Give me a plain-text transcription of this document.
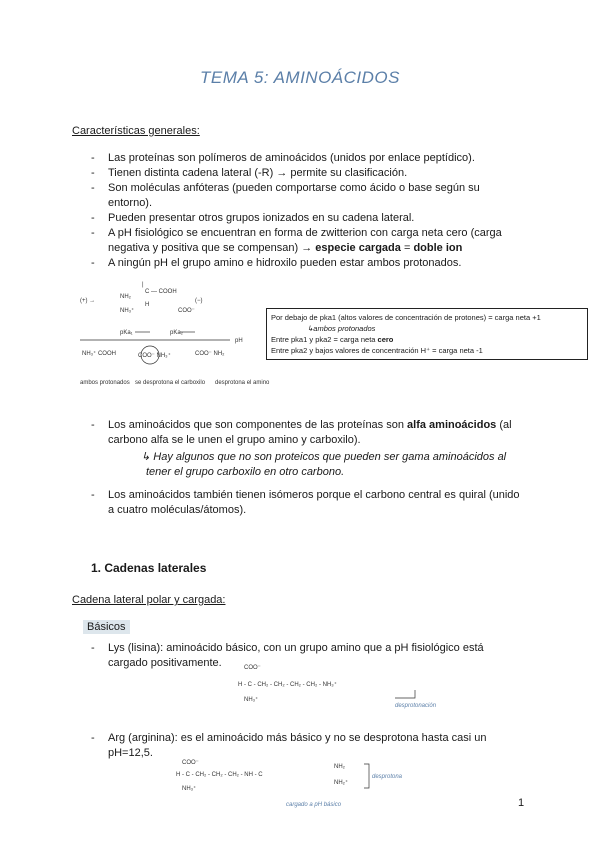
TEMA 5: AMINOÁCIDOS
Características generales:
- Las proteínas son polímeros de aminoácidos (unidos por enlace peptídico).
- Tienen distinta cadena lateral (-R) → permite su clasificación.
- Son moléculas anfóteras (pueden comportarse como ácido o base según su
entorno).
- Pueden presentar otros grupos ionizados en su cadena lateral.
- A pH fisiológico se encuentran en forma de zwitterion con carga neta cero (carga
negativa y positiva que se compensan) → especie cargada = doble ion
- A ningún pH el grupo amino e hidroxilo pueden estar ambos protonados.
|
NH₂
C — COOH
H
NH₃⁺	COO⁻
(+) →	(−)
pKa₁	pKa₂
pH
NH₃⁺ COOH	COO⁻ NH₃⁺	COO⁻ NH₂
ambos protonados se desprotona el carboxilo desprotona el amino
Por debajo de pka1 (altos valores de concentración de protones) = carga neta +1
↳ambos protonados
Entre pka1 y pka2 = carga neta cero
Entre pka2 y bajos valores de concentración H⁺ = carga neta -1
- Los aminoácidos que son componentes de las proteínas son alfa aminoácidos (al
carbono alfa se le unen el grupo amino y carboxilo).
↳ Hay algunos que no son proteicos que pueden ser gama aminoácidos al
tener el grupo carboxilo en otro carbono.
- Los aminoácidos también tienen isómeros porque el carbono central es quiral (unido
a cuatro moléculas/átomos).
1. Cadenas laterales
Cadena lateral polar y cargada:
Básicos
- Lys (lisina): aminoácido básico, con un grupo amino que a pH fisiológico está
cargado positivamente.	COO⁻
H - C - CH₂ - CH₂ - CH₂ - CH₂ - NH₃⁺
NH₃⁺
desprotonación
- Arg (arginina): es el aminoácido más básico y no se desprotona hasta casi un
pH=12,5.
COO⁻
H - C - CH₂ - CH₂ - CH₂ - NH - C
NH₂
NH₂⁺
NH₃⁺
desprotona
cargado a pH básico	1
